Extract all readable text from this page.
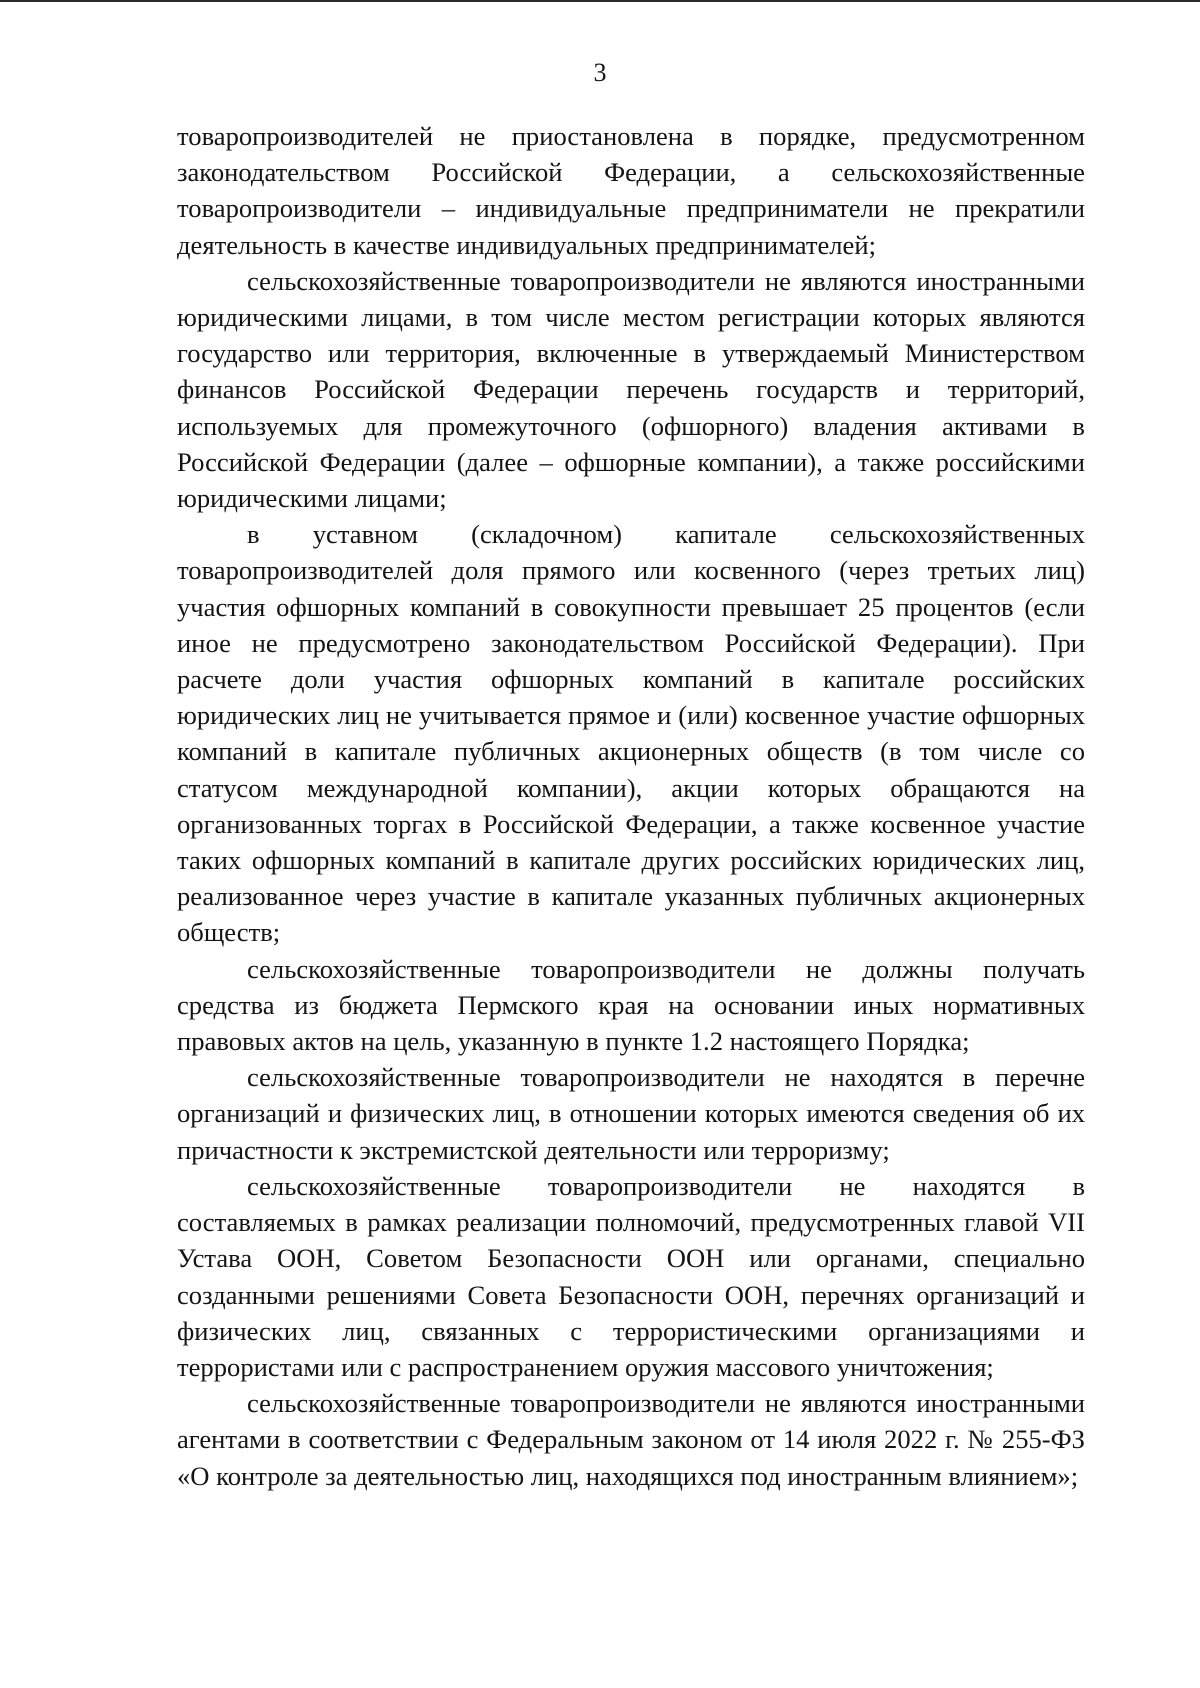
3

товаропроизводителей не приостановлена в порядке, предусмотренном законодательством Российской Федерации, а сельскохозяйственные товаропроизводители – индивидуальные предприниматели не прекратили деятельность в качестве индивидуальных предпринимателей;

сельскохозяйственные товаропроизводители не являются иностранными юридическими лицами, в том числе местом регистрации которых являются государство или территория, включенные в утверждаемый Министерством финансов Российской Федерации перечень государств и территорий, используемых для промежуточного (офшорного) владения активами в Российской Федерации (далее – офшорные компании), а также российскими юридическими лицами;

в уставном (складочном) капитале сельскохозяйственных товаропроизводителей доля прямого или косвенного (через третьих лиц) участия офшорных компаний в совокупности превышает 25 процентов (если иное не предусмотрено законодательством Российской Федерации). При расчете доли участия офшорных компаний в капитале российских юридических лиц не учитывается прямое и (или) косвенное участие офшорных компаний в капитале публичных акционерных обществ (в том числе со статусом международной компании), акции которых обращаются на организованных торгах в Российской Федерации, а также косвенное участие таких офшорных компаний в капитале других российских юридических лиц, реализованное через участие в капитале указанных публичных акционерных обществ;

сельскохозяйственные товаропроизводители не должны получать средства из бюджета Пермского края на основании иных нормативных правовых актов на цель, указанную в пункте 1.2 настоящего Порядка;

сельскохозяйственные товаропроизводители не находятся в перечне организаций и физических лиц, в отношении которых имеются сведения об их причастности к экстремистской деятельности или терроризму;

сельскохозяйственные товаропроизводители не находятся в составляемых в рамках реализации полномочий, предусмотренных главой VII Устава ООН, Советом Безопасности ООН или органами, специально созданными решениями Совета Безопасности ООН, перечнях организаций и физических лиц, связанных с террористическими организациями и террористами или с распространением оружия массового уничтожения;

сельскохозяйственные товаропроизводители не являются иностранными агентами в соответствии с Федеральным законом от 14 июля 2022 г. № 255-ФЗ «О контроле за деятельностью лиц, находящихся под иностранным влиянием»;
